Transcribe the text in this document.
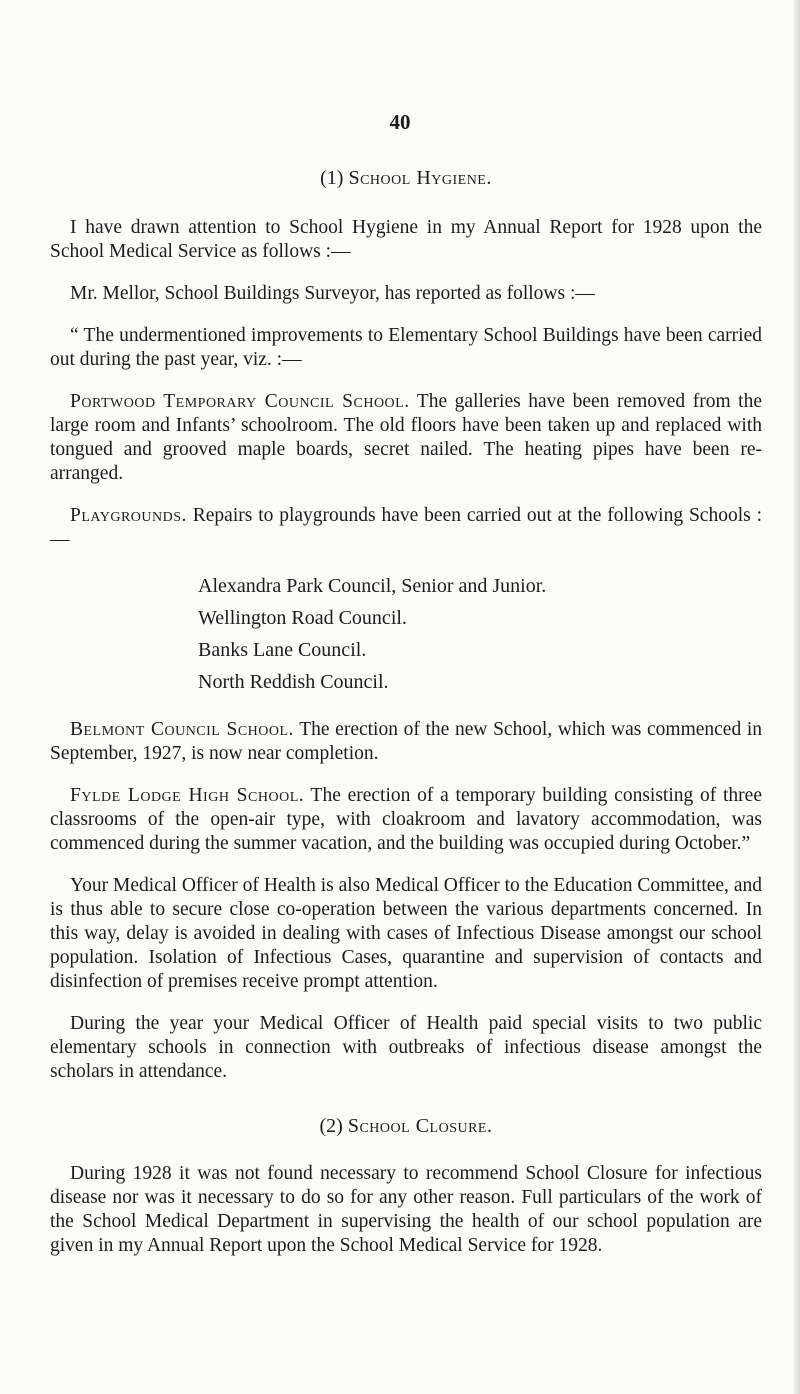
40
(1) School Hygiene.

I have drawn attention to School Hygiene in my Annual Report for 1928 upon the School Medical Service as follows :—

Mr. Mellor, School Buildings Surveyor, has reported as follows :—

“ The undermentioned improvements to Elementary School Buildings have been carried out during the past year, viz. :—

Portwood Temporary Council School. The galleries have been removed from the large room and Infants’ schoolroom. The old floors have been taken up and replaced with tongued and grooved maple boards, secret nailed. The heating pipes have been re-arranged.

Playgrounds. Repairs to playgrounds have been carried out at the following Schools :—

Alexandra Park Council, Senior and Junior.
Wellington Road Council.
Banks Lane Council.
North Reddish Council.

Belmont Council School. The erection of the new School, which was commenced in September, 1927, is now near completion.

Fylde Lodge High School. The erection of a temporary building consisting of three classrooms of the open-air type, with cloakroom and lavatory accommodation, was commenced during the summer vacation, and the building was occupied during October.”

Your Medical Officer of Health is also Medical Officer to the Education Committee, and is thus able to secure close co-operation between the various departments concerned. In this way, delay is avoided in dealing with cases of Infectious Disease amongst our school population. Isolation of Infectious Cases, quarantine and supervision of contacts and disinfection of premises receive prompt attention.

During the year your Medical Officer of Health paid special visits to two public elementary schools in connection with outbreaks of infectious disease amongst the scholars in attendance.

(2) School Closure.

During 1928 it was not found necessary to recommend School Closure for infectious disease nor was it necessary to do so for any other reason. Full particulars of the work of the School Medical Department in supervising the health of our school population are given in my Annual Report upon the School Medical Service for 1928.
